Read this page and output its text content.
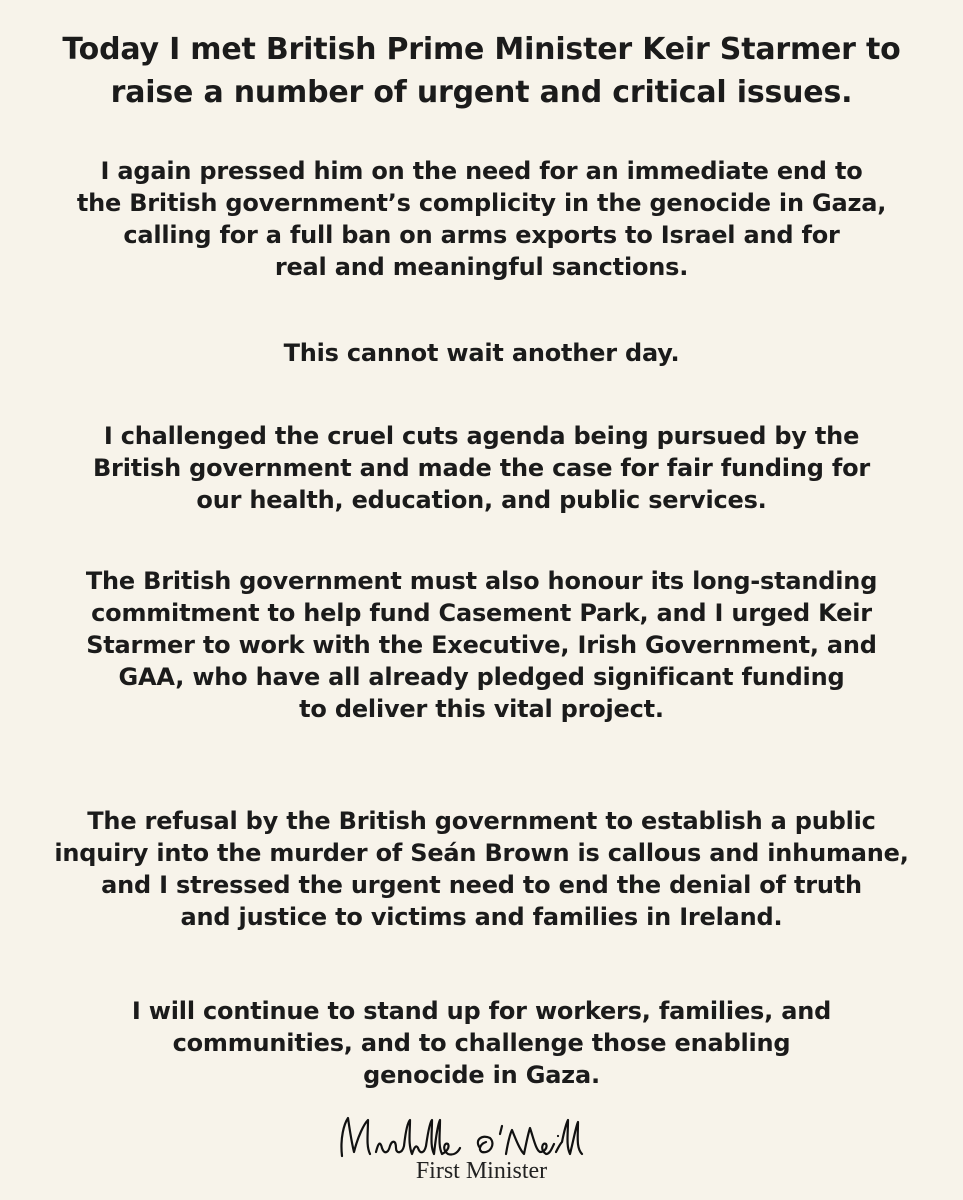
Today I met British Prime Minister Keir Starmer to

raise a number of urgent and critical issues.

I again pressed him on the need for an immediate end to

the British government’s complicity in the genocide in Gaza,

calling for a full ban on arms exports to Israel and for

real and meaningful sanctions.

This cannot wait another day.

I challenged the cruel cuts agenda being pursued by the

British government and made the case for fair funding for

our health, education, and public services.

The British government must also honour its long-standing

commitment to help fund Casement Park, and I urged Keir

Starmer to work with the Executive, Irish Government, and

GAA, who have all already pledged significant funding

to deliver this vital project.

The refusal by the British government to establish a public

inquiry into the murder of Seán Brown is callous and inhumane,

and I stressed the urgent need to end the denial of truth

and justice to victims and families in Ireland.

I will continue to stand up for workers, families, and

communities, and to challenge those enabling

genocide in Gaza.

First Minister
